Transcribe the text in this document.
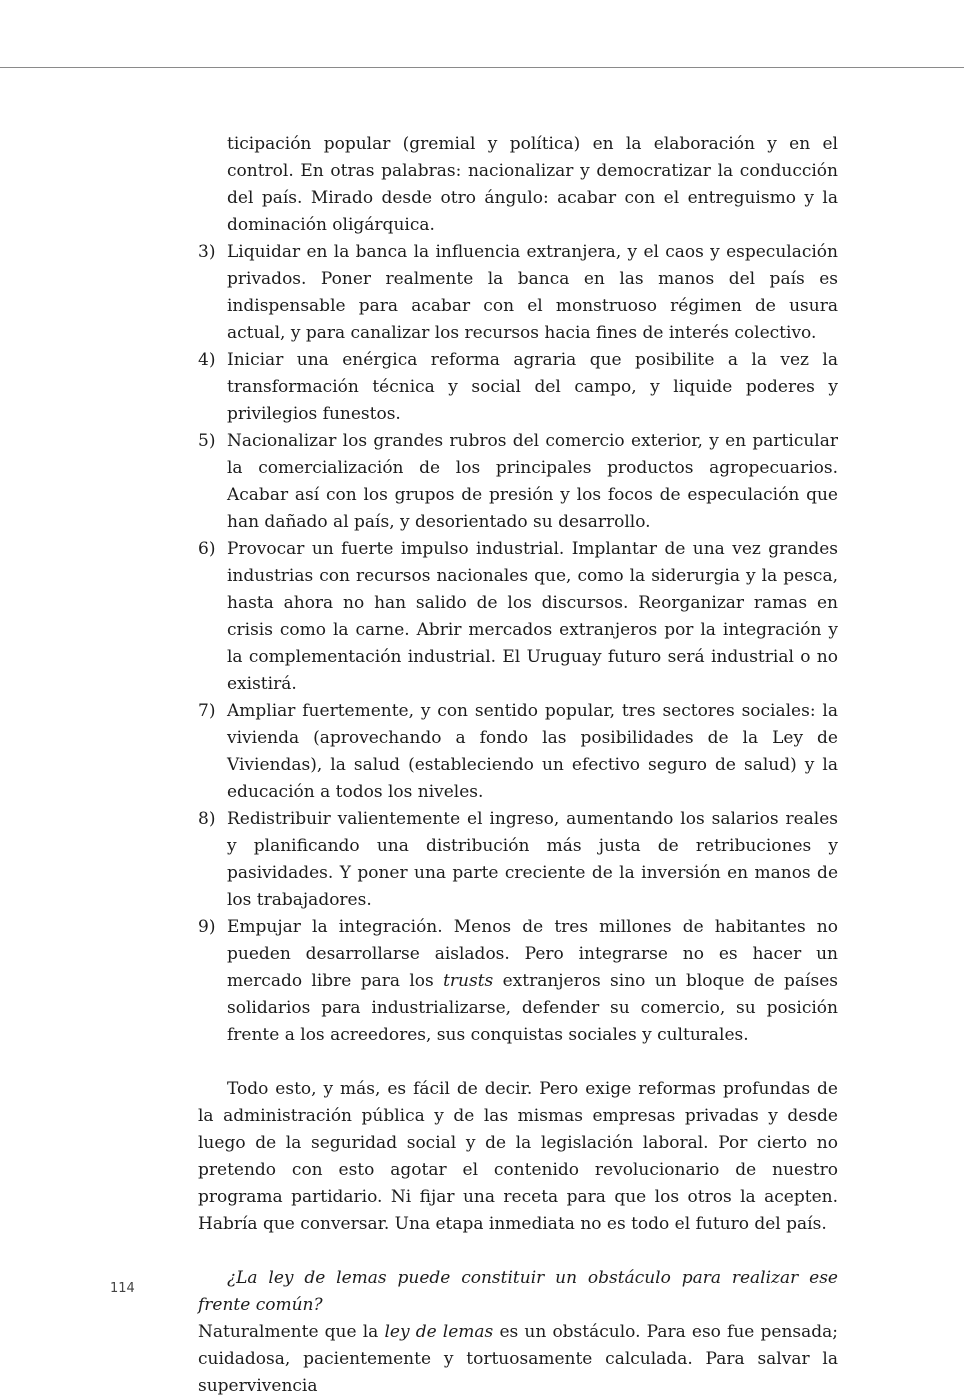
ticipación popular (gremial y política) en la elaboración y en el control. En otras palabras: nacionalizar y democratizar la conducción del país. Mirado desde otro ángulo: acabar con el entreguismo y la dominación oligárquica.

3) Liquidar en la banca la influencia extranjera, y el caos y especulación privados. Poner realmente la banca en las manos del país es indispensable para acabar con el monstruoso régimen de usura actual, y para canalizar los recursos hacia fines de interés colectivo.
4) Iniciar una enérgica reforma agraria que posibilite a la vez la transformación técnica y social del campo, y liquide poderes y privilegios funestos.
5) Nacionalizar los grandes rubros del comercio exterior, y en particular la comercialización de los principales productos agropecuarios. Acabar así con los grupos de presión y los focos de especulación que han dañado al país, y desorientado su desarrollo.
6) Provocar un fuerte impulso industrial. Implantar de una vez grandes industrias con recursos nacionales que, como la siderurgia y la pesca, hasta ahora no han salido de los discursos. Reorganizar ramas en crisis como la carne. Abrir mercados extranjeros por la integración y la complementación industrial. El Uruguay futuro será industrial o no existirá.
7) Ampliar fuertemente, y con sentido popular, tres sectores sociales: la vivienda (aprovechando a fondo las posibilidades de la Ley de Viviendas), la salud (estableciendo un efectivo seguro de salud) y la educación a todos los niveles.
8) Redistribuir valientemente el ingreso, aumentando los salarios reales y planificando una distribución más justa de retribuciones y pasividades. Y poner una parte creciente de la inversión en manos de los trabajadores.
9) Empujar la integración. Menos de tres millones de habitantes no pueden desarrollarse aislados. Pero integrarse no es hacer un mercado libre para los trusts extranjeros sino un bloque de países solidarios para industrializarse, defender su comercio, su posición frente a los acreedores, sus conquistas sociales y culturales.

Todo esto, y más, es fácil de decir. Pero exige reformas profundas de la administración pública y de las mismas empresas privadas y desde luego de la seguridad social y de la legislación laboral. Por cierto no pretendo con esto agotar el contenido revolucionario de nuestro programa partidario. Ni fijar una receta para que los otros la acepten. Habría que conversar. Una etapa inmediata no es todo el futuro del país.

¿La ley de lemas puede constituir un obstáculo para realizar ese frente común?

Naturalmente que la ley de lemas es un obstáculo. Para eso fue pensada; cuidadosa, pacientemente y tortuosamente calculada. Para salvar la supervivencia

114
